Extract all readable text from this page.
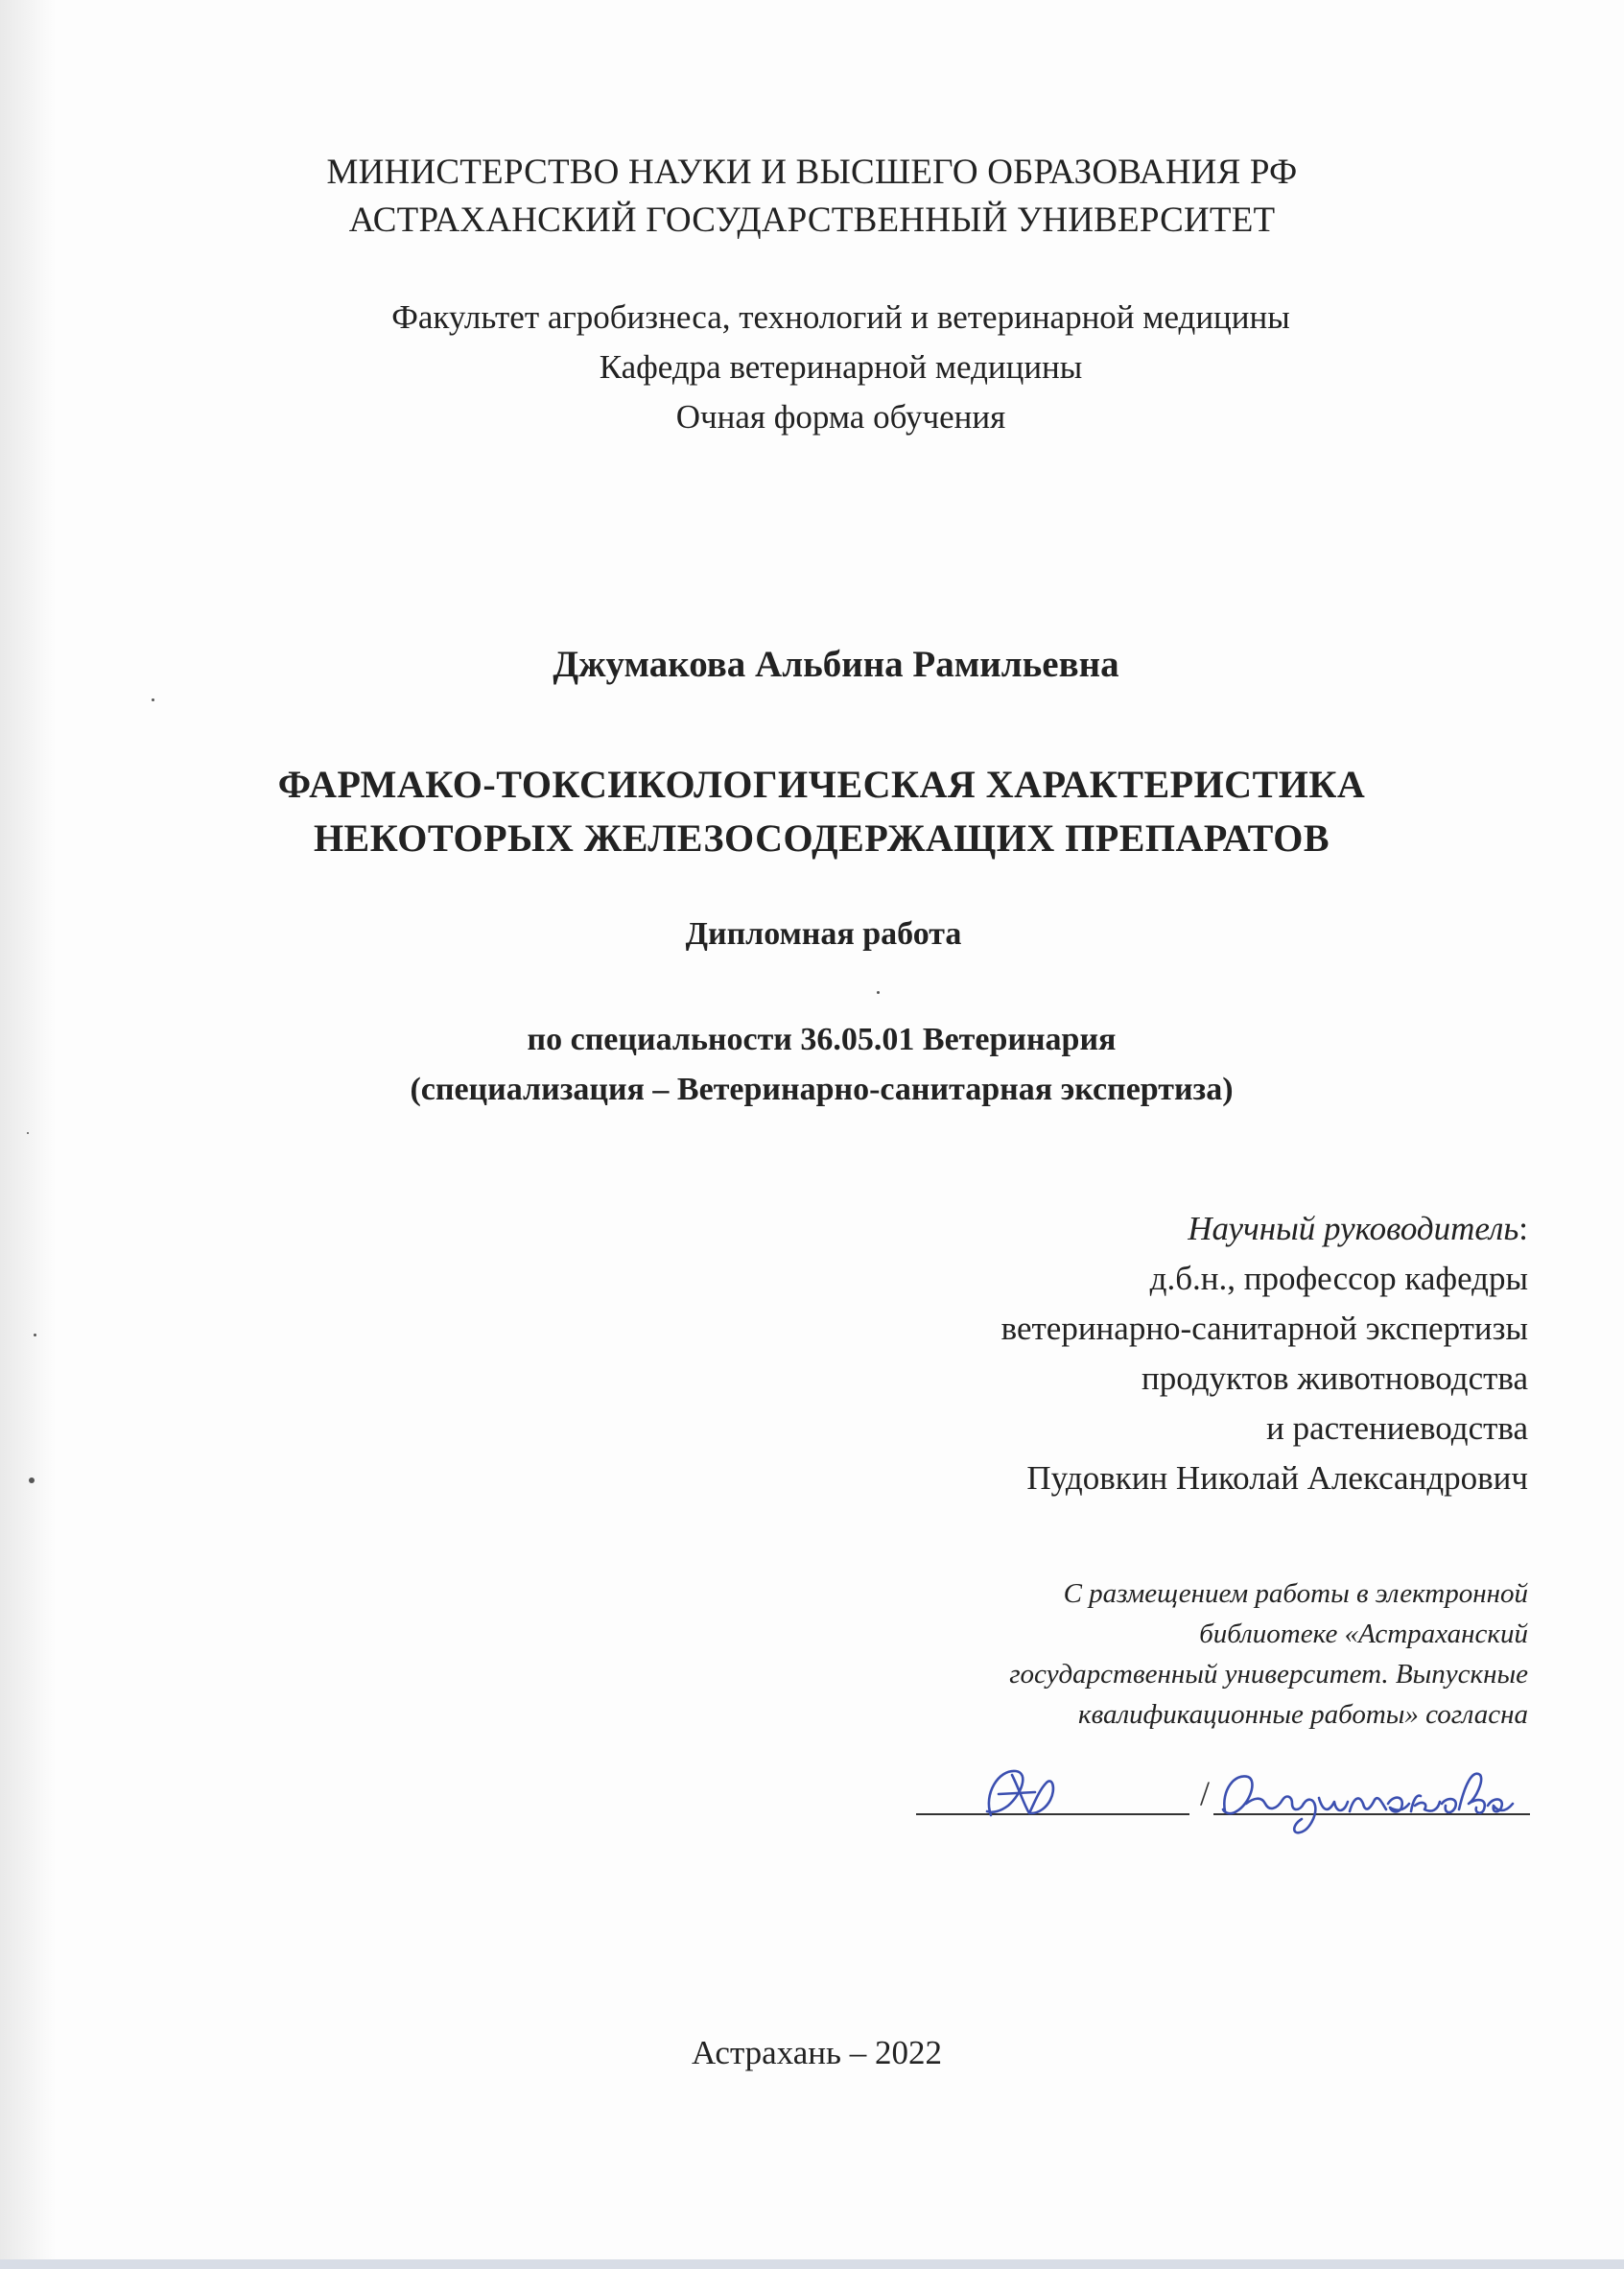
МИНИСТЕРСТВО НАУКИ И ВЫСШЕГО ОБРАЗОВАНИЯ РФ
АСТРАХАНСКИЙ ГОСУДАРСТВЕННЫЙ УНИВЕРСИТЕТ
Факультет агробизнеса, технологий и ветеринарной медицины
Кафедра ветеринарной медицины
Очная форма обучения
Джумакова Альбина Рамильевна
ФАРМАКО-ТОКСИКОЛОГИЧЕСКАЯ ХАРАКТЕРИСТИКА
НЕКОТОРЫХ ЖЕЛЕЗОСОДЕРЖАЩИХ ПРЕПАРАТОВ
Дипломная работа
по специальности 36.05.01 Ветеринария
(специализация – Ветеринарно-санитарная экспертиза)
Научный руководитель:
д.б.н., профессор кафедры
ветеринарно-санитарной экспертизы
продуктов животноводства
и растениеводства
Пудовкин Николай Александрович
С размещением работы в электронной
библиотеке «Астраханский
государственный университет. Выпускные
квалификационные работы» согласна
/
Астрахань – 2022
